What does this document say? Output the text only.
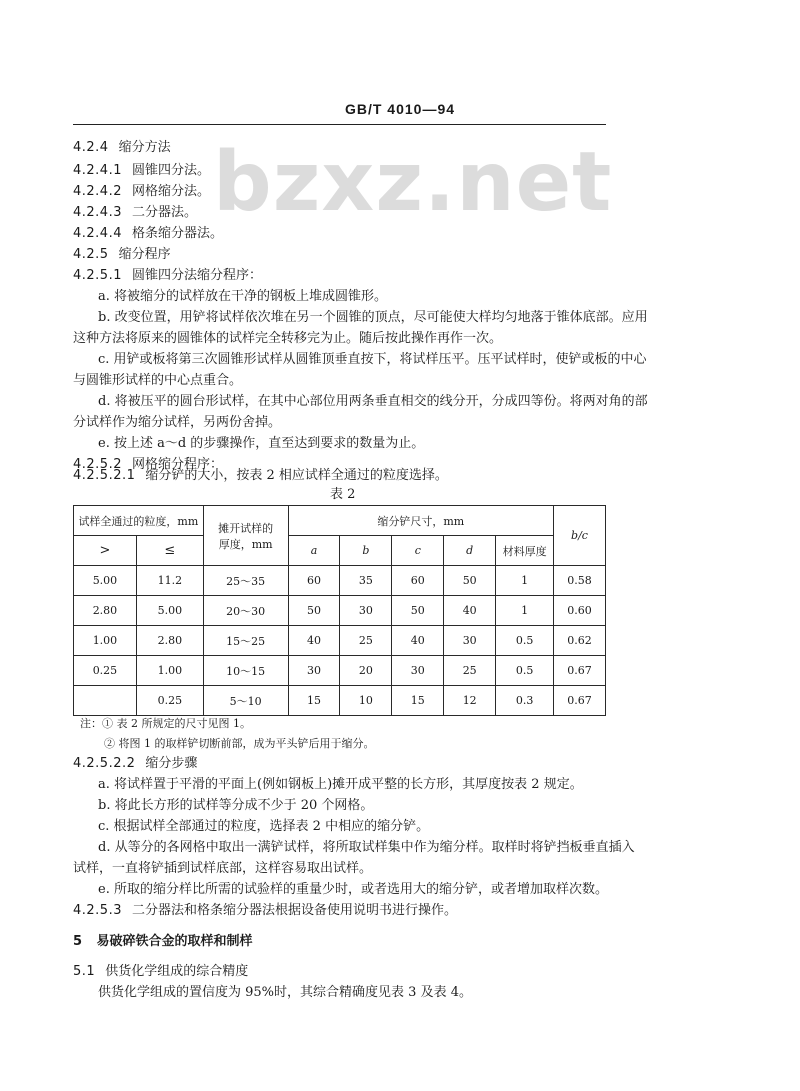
GB/T 4010—94
bzxz.net
4.2.4 缩分方法
4.2.4.1 圆锥四分法。
4.2.4.2 网格缩分法。
4.2.4.3 二分器法。
4.2.4.4 格条缩分器法。
4.2.5 缩分程序
4.2.5.1 圆锥四分法缩分程序：
a. 将被缩分的试样放在干净的钢板上堆成圆锥形。
b. 改变位置，用铲将试样依次堆在另一个圆锥的顶点，尽可能使大样均匀地落于锥体底部。应用
这种方法将原来的圆锥体的试样完全转移完为止。随后按此操作再作一次。
c. 用铲或板将第三次圆锥形试样从圆锥顶垂直按下，将试样压平。压平试样时，使铲或板的中心
与圆锥形试样的中心点重合。
d. 将被压平的圆台形试样，在其中心部位用两条垂直相交的线分开，分成四等份。将两对角的部
分试样作为缩分试样，另两份舍掉。
e. 按上述 a～d 的步骤操作，直至达到要求的数量为止。
4.2.5.2 网格缩分程序：
4.2.5.2.1 缩分铲的大小，按表 2 相应试样全通过的粒度选择。
表 2
试样全通过的粒度，mm		摊开试样的
厚度，mm	缩分铲尺寸，mm					b/c
>	≤		a	b	c	d	材料厚度	
5.00	11.2	25～35	60	35	60	50	1	0.58
2.80	5.00	20～30	50	30	50	40	1	0.60
1.00	2.80	15～25	40	25	40	30	0.5	0.62
0.25	1.00	10～15	30	20	30	25	0.5	0.67
	0.25	5～10	15	10	15	12	0.3	0.67
注：① 表 2 所规定的尺寸见图 1。
② 将图 1 的取样铲切断前部，成为平头铲后用于缩分。
4.2.5.2.2 缩分步骤
a. 将试样置于平滑的平面上(例如钢板上)摊开成平整的长方形，其厚度按表 2 规定。
b. 将此长方形的试样等分成不少于 20 个网格。
c. 根据试样全部通过的粒度，选择表 2 中相应的缩分铲。
d. 从等分的各网格中取出一满铲试样，将所取试样集中作为缩分样。取样时将铲挡板垂直插入
试样，一直将铲插到试样底部，这样容易取出试样。
e. 所取的缩分样比所需的试验样的重量少时，或者选用大的缩分铲，或者增加取样次数。
4.2.5.3 二分器法和格条缩分器法根据设备使用说明书进行操作。
5 易破碎铁合金的取样和制样
5.1 供货化学组成的综合精度
供货化学组成的置信度为 95%时，其综合精确度见表 3 及表 4。
